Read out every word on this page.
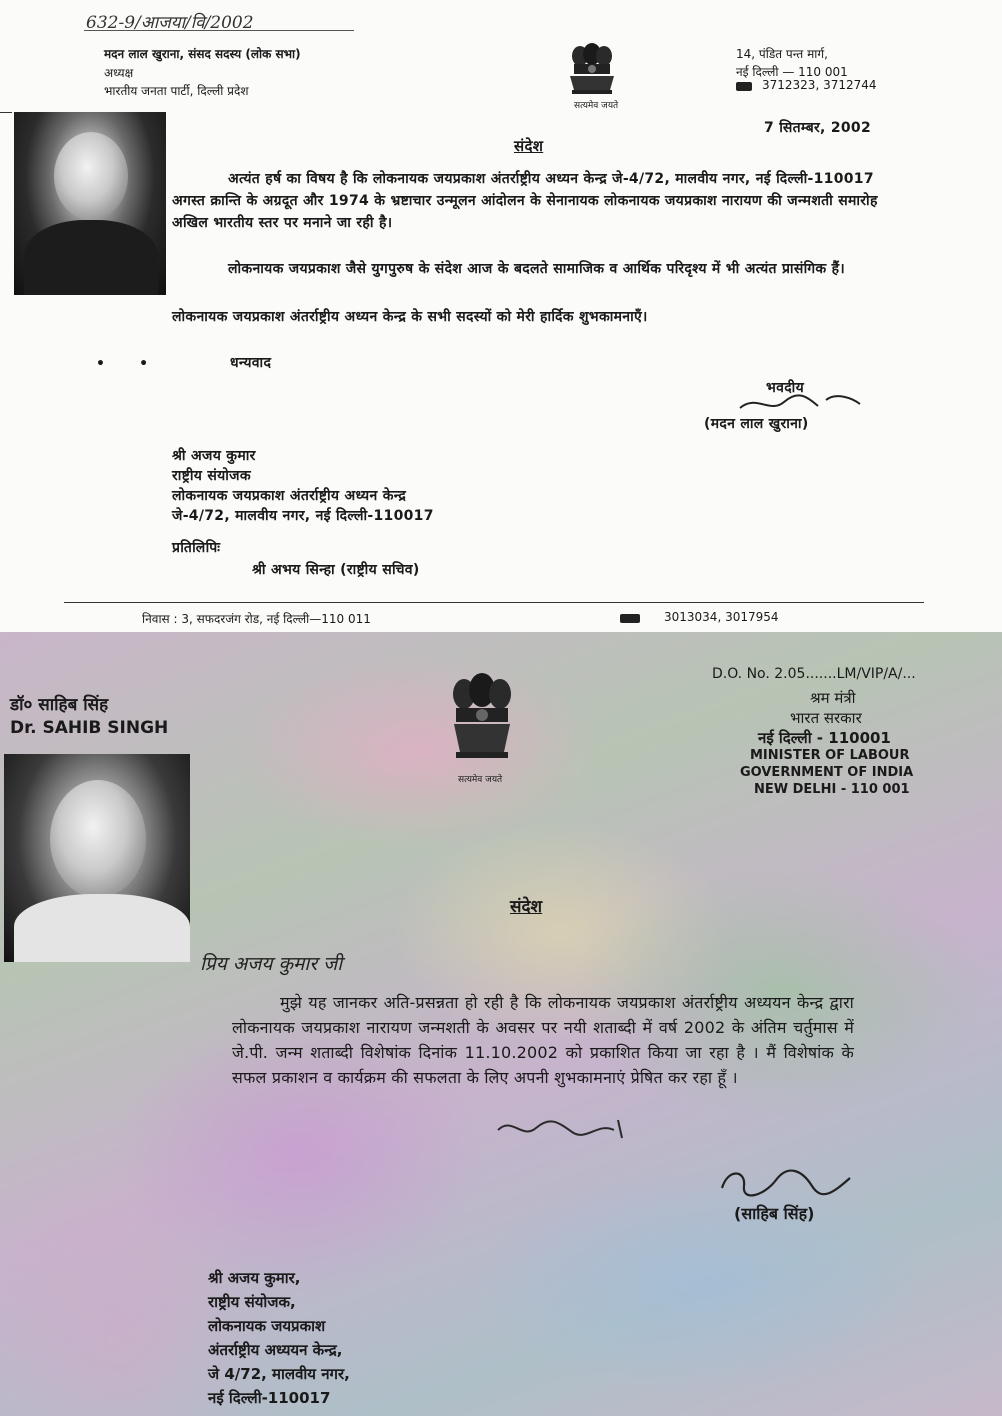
632-9/आजया/वि/2002
मदन लाल खुराना, संसद सदस्य (लोक सभा)
अध्यक्ष
भारतीय जनता पार्टी, दिल्ली प्रदेश
सत्यमेव जयते
14, पंडित पन्त मार्ग,
नई दिल्ली — 110 001
3712323, 3712744
7 सितम्बर, 2002
संदेश
अत्यंत हर्ष का विषय है कि लोकनायक जयप्रकाश अंतर्राष्ट्रीय अध्यन केन्द्र जे-4/72, मालवीय नगर, नई दिल्ली-110017 अगस्त क्रान्ति के अग्रदूत और 1974 के भ्रष्टाचार उन्मूलन आंदोलन के सेनानायक लोकनायक जयप्रकाश नारायण की जन्मशती समारोह अखिल भारतीय स्तर पर मनाने जा रही है।
लोकनायक जयप्रकाश जैसे युगपुरुष के संदेश आज के बदलते सामाजिक व आर्थिक परिदृश्य में भी अत्यंत प्रासंगिक हैं।
लोकनायक जयप्रकाश अंतर्राष्ट्रीय अध्यन केन्द्र के सभी सदस्यों को मेरी हार्दिक शुभकामनाएँ।
•       •	धन्यवाद
भवदीय
(मदन लाल खुराना)
श्री अजय कुमार
राष्ट्रीय संयोजक
लोकनायक जयप्रकाश अंतर्राष्ट्रीय अध्यन केन्द्र
जे-4/72, मालवीय नगर, नई दिल्ली-110017
प्रतिलिपिः
श्री अभय सिन्हा (राष्ट्रीय सचिव)
निवास : 3, सफदरजंग रोड, नई दिल्ली—110 011	3013034, 3017954
डॉ० साहिब सिंह
Dr. SAHIB SINGH
D.O. No. 2.05.......LM/VIP/A/...
श्रम मंत्री
भारत सरकार
नई दिल्ली - 110001
MINISTER OF LABOUR
GOVERNMENT OF INDIA
NEW DELHI - 110 001
सत्यमेव जयते
संदेश
प्रिय अजय कुमार जी
मुझे यह जानकर अति-प्रसन्नता हो रही है कि लोकनायक जयप्रकाश अंतर्राष्ट्रीय अध्ययन केन्द्र द्वारा लोकनायक जयप्रकाश नारायण जन्मशती के अवसर पर नयी शताब्दी में वर्ष 2002 के अंतिम चर्तुमास में जे.पी. जन्म शताब्दी विशेषांक दिनांक 11.10.2002 को प्रकाशित किया जा रहा है । मैं विशेषांक के सफल प्रकाशन व कार्यक्रम की सफलता के लिए अपनी शुभकामनाएं प्रेषित कर रहा हूँ ।
(साहिब सिंह)
श्री अजय कुमार,
राष्ट्रीय संयोजक,
लोकनायक जयप्रकाश
अंतर्राष्ट्रीय अध्ययन केन्द्र,
जे 4/72, मालवीय नगर,
नई दिल्ली-110017
